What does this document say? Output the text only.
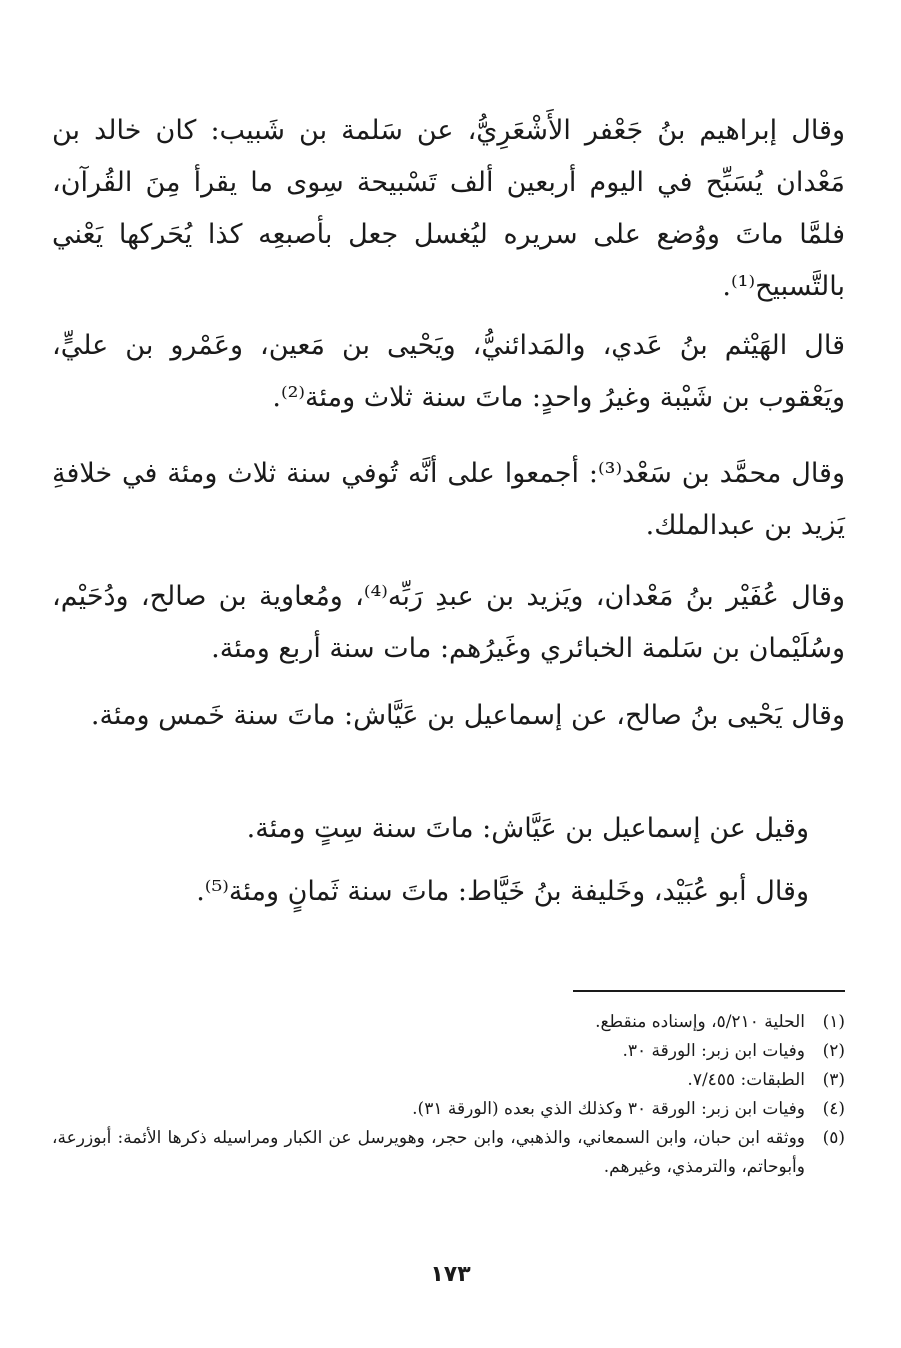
وقال إبراهيم بنُ جَعْفر الأَشْعَرِيُّ، عن سَلمة بن شَبيب: كان خالد بن مَعْدان يُسَبِّح في اليوم أربعين ألف تَسْبيحة سِوى ما يقرأ مِنَ القُرآن، فلمَّا ماتَ ووُضع على سريره ليُغسل جعل بأصبعِه كذا يُحَركها يَعْني بالتَّسبيح⁽¹⁾.

قال الهَيْثم بنُ عَدي، والمَدائنيُّ، ويَحْيى بن مَعين، وعَمْرو بن عليٍّ، ويَعْقوب بن شَيْبة وغيرُ واحدٍ: ماتَ سنة ثلاث ومئة⁽²⁾.

وقال محمَّد بن سَعْد⁽³⁾: أجمعوا على أنَّه تُوفي سنة ثلاث ومئة في خلافةِ يَزيد بن عبدالملك.

وقال عُفَيْر بنُ مَعْدان، ويَزيد بن عبدِ رَبِّه⁽⁴⁾، ومُعاوية بن صالح، ودُحَيْم، وسُلَيْمان بن سَلمة الخبائري وغَيرُهم: مات سنة أربع ومئة.

وقال يَحْيى بنُ صالح، عن إسماعيل بن عَيَّاش: ماتَ سنة خَمس ومئة.

وقيل عن إسماعيل بن عَيَّاش: ماتَ سنة سِتٍ ومئة.

وقال أبو عُبَيْد، وخَليفة بنُ خَيَّاط: ماتَ سنة ثَمانٍ ومئة⁽⁵⁾.

(١)
الحلية ٥/٢١٠، وإسناده منقطع.
(٢)
وفيات ابن زبر: الورقة ٣٠.
(٣)
الطبقات: ٧/٤٥٥.
(٤)
وفيات ابن زبر: الورقة ٣٠ وكذلك الذي بعده (الورقة ٣١).
(٥)
ووثقه ابن حبان، وابن السمعاني، والذهبي، وابن حجر، وهويرسل عن الكبار ومراسيله ذكرها الأئمة: أبوزرعة، وأبوحاتم، والترمذي، وغيرهم.
١٧٣
